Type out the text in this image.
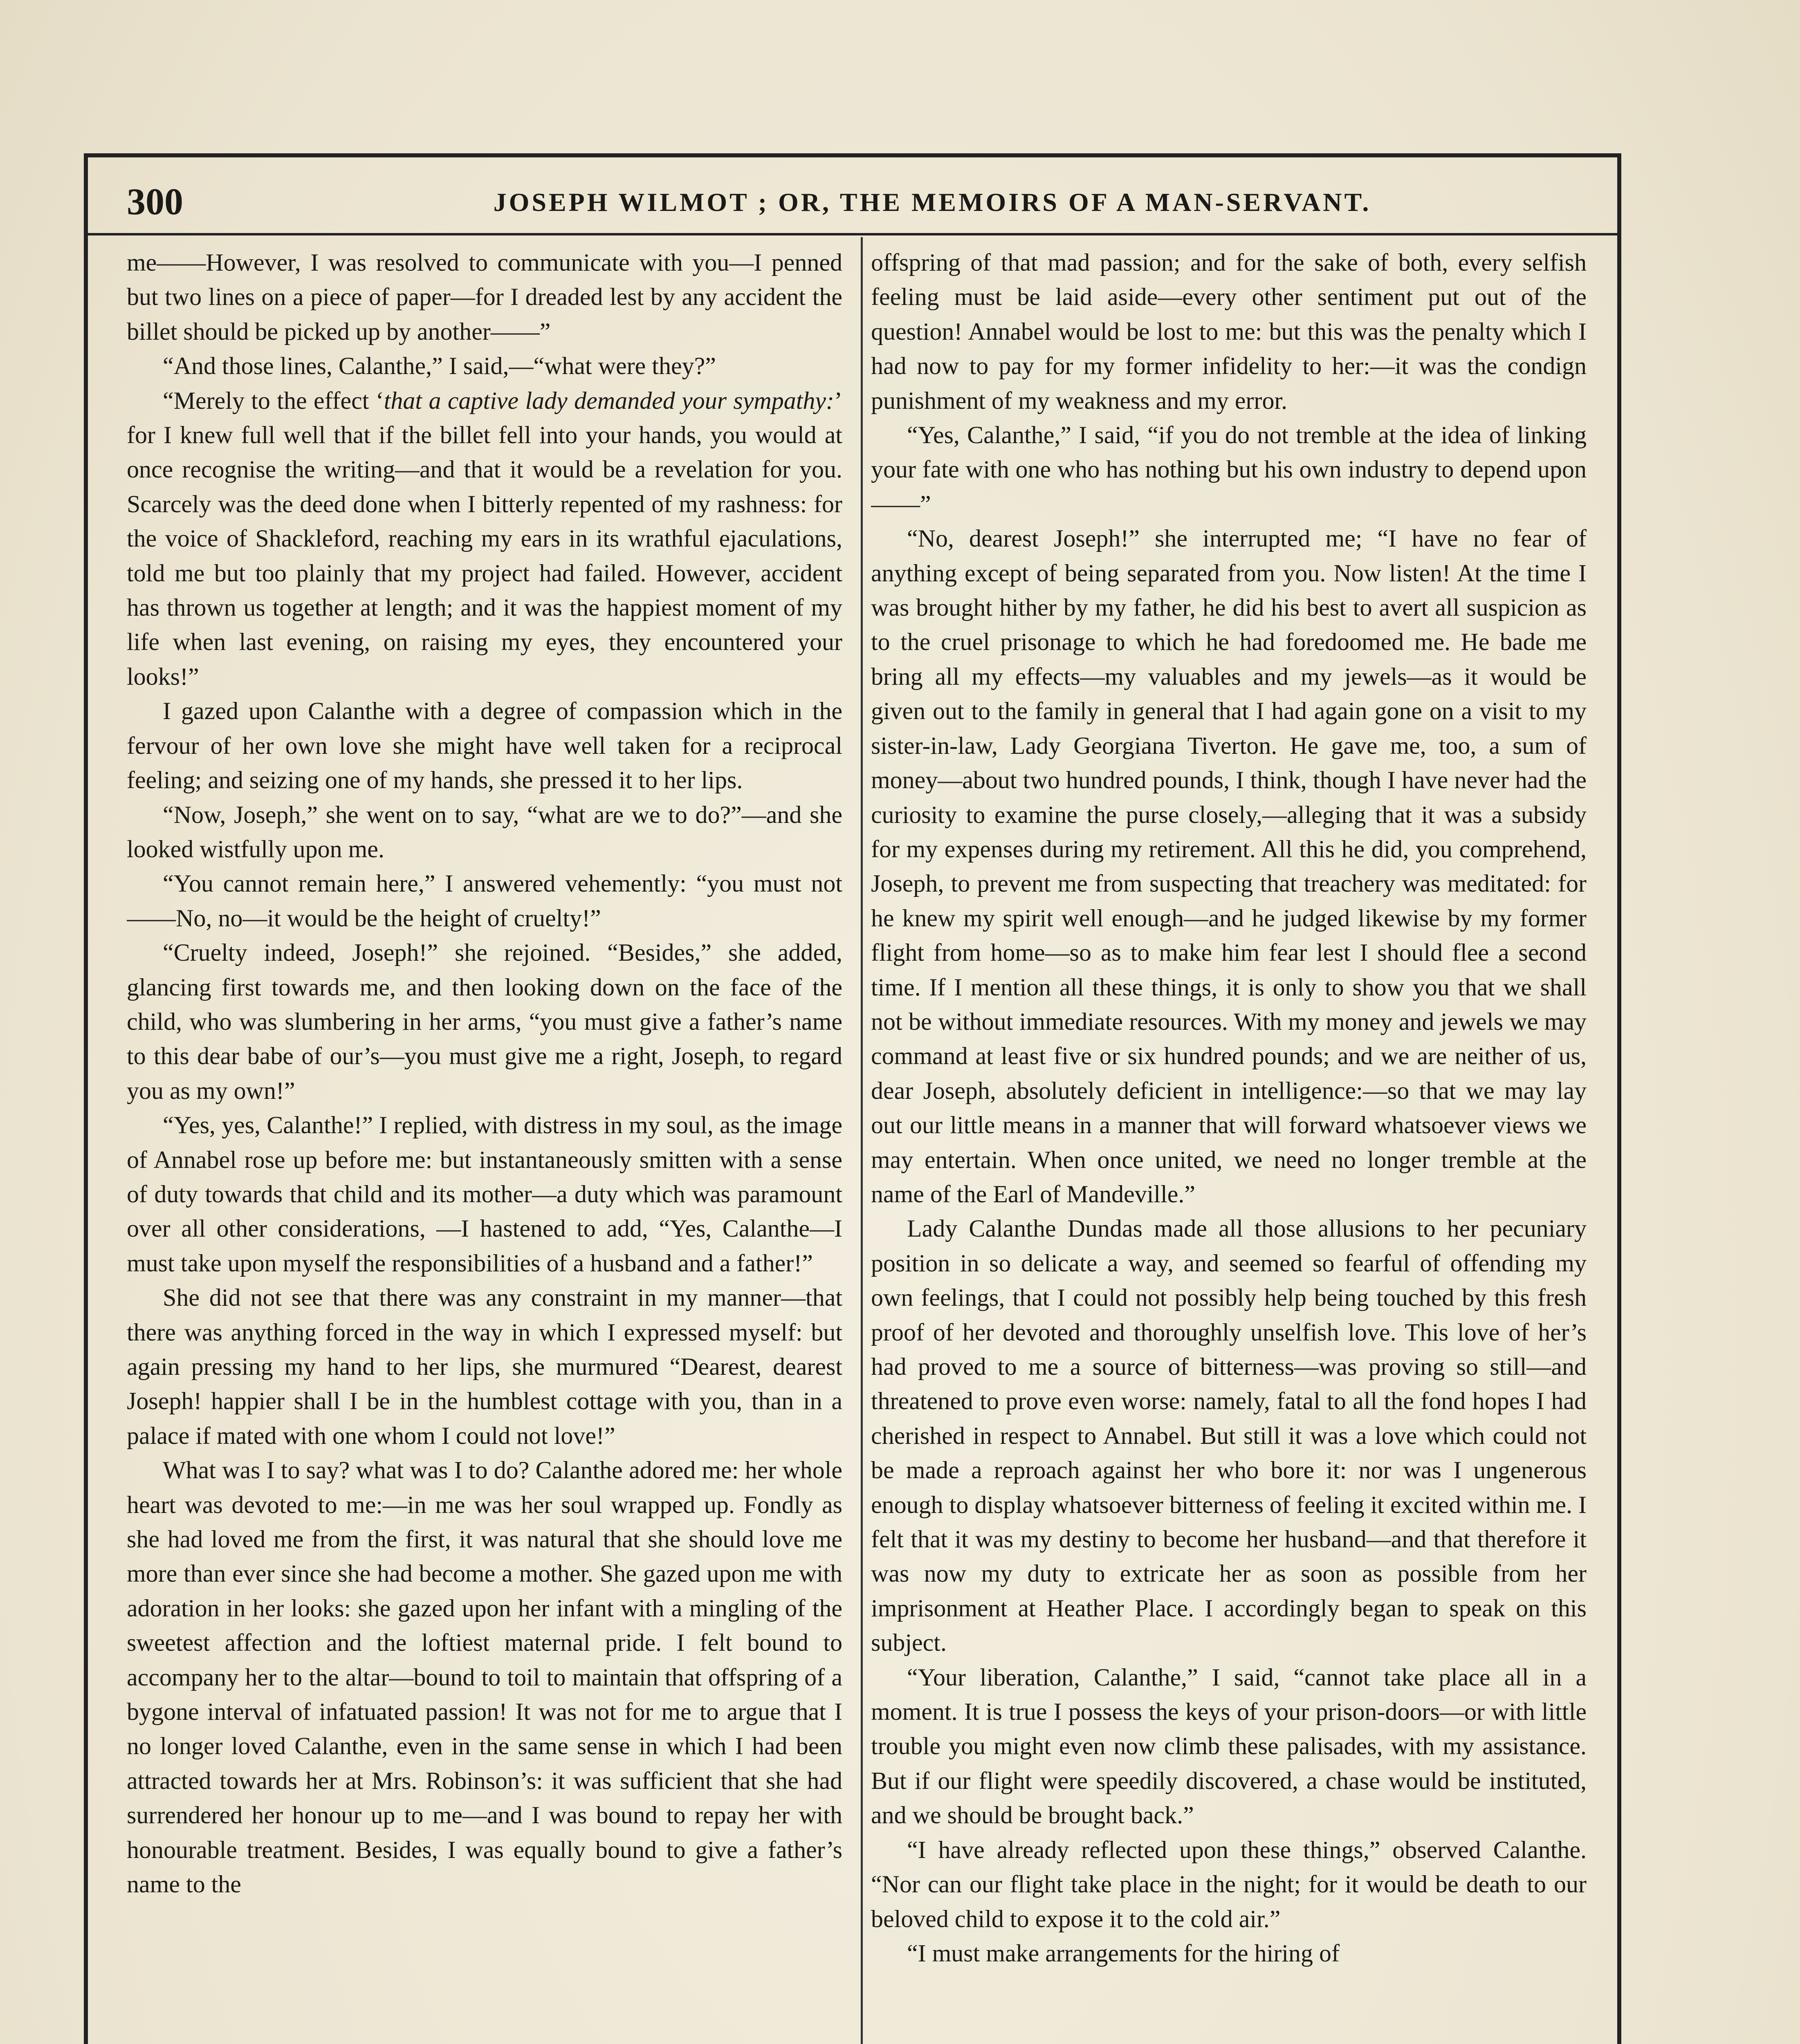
300	JOSEPH WILMOT ; OR, THE MEMOIRS OF A MAN-SERVANT.

me——However, I was resolved to communicate with you—I penned but two lines on a piece of paper—for I dreaded lest by any accident the billet should be picked up by another——”

“And those lines, Calanthe,” I said,—“what were they?”

“Merely to the effect ‘that a captive lady demanded your sympathy:’ for I knew full well that if the billet fell into your hands, you would at once recognise the writing—and that it would be a revelation for you. Scarcely was the deed done when I bitterly repented of my rashness: for the voice of Shackleford, reaching my ears in its wrathful ejaculations, told me but too plainly that my project had failed. However, accident has thrown us together at length; and it was the happiest moment of my life when last evening, on raising my eyes, they encountered your looks!”

I gazed upon Calanthe with a degree of compassion which in the fervour of her own love she might have well taken for a reciprocal feeling; and seizing one of my hands, she pressed it to her lips.

“Now, Joseph,” she went on to say, “what are we to do?”—and she looked wistfully upon me.

“You cannot remain here,” I answered vehemently: “you must not——No, no—it would be the height of cruelty!”

“Cruelty indeed, Joseph!” she rejoined. “Besides,” she added, glancing first towards me, and then looking down on the face of the child, who was slumbering in her arms, “you must give a father’s name to this dear babe of our’s—you must give me a right, Joseph, to regard you as my own!”

“Yes, yes, Calanthe!” I replied, with distress in my soul, as the image of Annabel rose up before me: but instantaneously smitten with a sense of duty towards that child and its mother—a duty which was paramount over all other considerations, —I hastened to add, “Yes, Calanthe—I must take upon myself the responsibilities of a husband and a father!”

She did not see that there was any constraint in my manner—that there was anything forced in the way in which I expressed myself: but again pressing my hand to her lips, she murmured “Dearest, dearest Joseph! happier shall I be in the humblest cottage with you, than in a palace if mated with one whom I could not love!”

What was I to say? what was I to do? Calanthe adored me: her whole heart was devoted to me:—in me was her soul wrapped up. Fondly as she had loved me from the first, it was natural that she should love me more than ever since she had become a mother. She gazed upon me with adoration in her looks: she gazed upon her infant with a mingling of the sweetest affection and the loftiest maternal pride. I felt bound to accompany her to the altar—bound to toil to maintain that offspring of a bygone interval of infatuated passion! It was not for me to argue that I no longer loved Calanthe, even in the same sense in which I had been attracted towards her at Mrs. Robinson’s: it was sufficient that she had surrendered her honour up to me—and I was bound to repay her with honourable treatment. Besides, I was equally bound to give a father’s name to the

offspring of that mad passion; and for the sake of both, every selfish feeling must be laid aside—every other sentiment put out of the question! Annabel would be lost to me: but this was the penalty which I had now to pay for my former infidelity to her:—it was the condign punishment of my weakness and my error.

“Yes, Calanthe,” I said, “if you do not tremble at the idea of linking your fate with one who has nothing but his own industry to depend upon——”

“No, dearest Joseph!” she interrupted me; “I have no fear of anything except of being separated from you. Now listen! At the time I was brought hither by my father, he did his best to avert all suspicion as to the cruel prisonage to which he had foredoomed me. He bade me bring all my effects—my valuables and my jewels—as it would be given out to the family in general that I had again gone on a visit to my sister-in-law, Lady Georgiana Tiverton. He gave me, too, a sum of money—about two hundred pounds, I think, though I have never had the curiosity to examine the purse closely,—alleging that it was a subsidy for my expenses during my retirement. All this he did, you comprehend, Joseph, to prevent me from suspecting that treachery was meditated: for he knew my spirit well enough—and he judged likewise by my former flight from home—so as to make him fear lest I should flee a second time. If I mention all these things, it is only to show you that we shall not be without immediate resources. With my money and jewels we may command at least five or six hundred pounds; and we are neither of us, dear Joseph, absolutely deficient in intelligence:—so that we may lay out our little means in a manner that will forward whatsoever views we may entertain. When once united, we need no longer tremble at the name of the Earl of Mandeville.”

Lady Calanthe Dundas made all those allusions to her pecuniary position in so delicate a way, and seemed so fearful of offending my own feelings, that I could not possibly help being touched by this fresh proof of her devoted and thoroughly unselfish love. This love of her’s had proved to me a source of bitterness—was proving so still—and threatened to prove even worse: namely, fatal to all the fond hopes I had cherished in respect to Annabel. But still it was a love which could not be made a reproach against her who bore it: nor was I ungenerous enough to display whatsoever bitterness of feeling it excited within me. I felt that it was my destiny to become her husband—and that therefore it was now my duty to extricate her as soon as possible from her imprisonment at Heather Place. I accordingly began to speak on this subject.

“Your liberation, Calanthe,” I said, “cannot take place all in a moment. It is true I possess the keys of your prison-doors—or with little trouble you might even now climb these palisades, with my assistance. But if our flight were speedily discovered, a chase would be instituted, and we should be brought back.”

“I have already reflected upon these things,” observed Calanthe. “Nor can our flight take place in the night; for it would be death to our beloved child to expose it to the cold air.”

“I must make arrangements for the hiring of
